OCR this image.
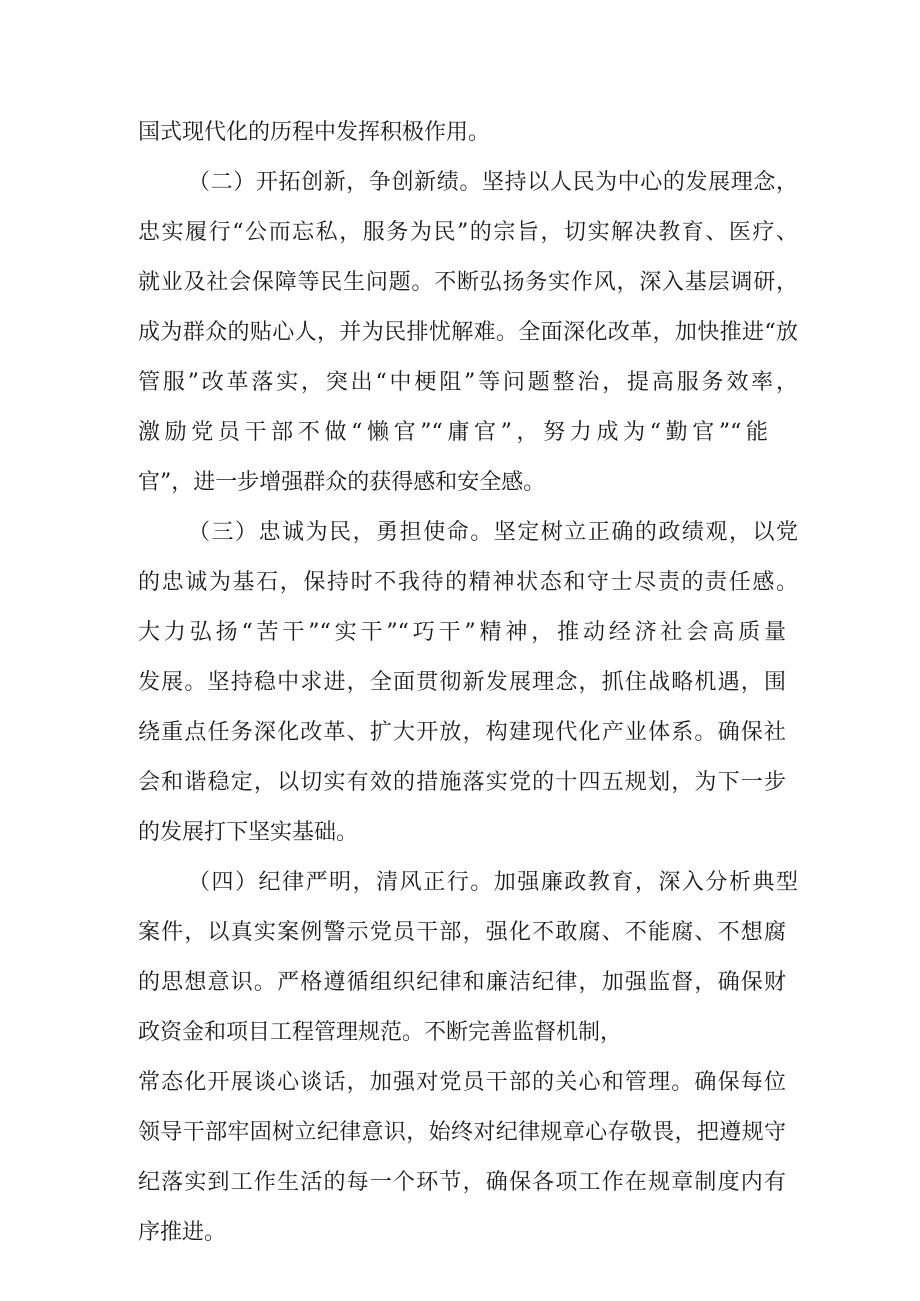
国式现代化的历程中发挥积极作用。
（二）开拓创新，争创新绩。坚持以人民为中心的发展理念，
忠实履行“公而忘私，服务为民”的宗旨，切实解决教育、医疗、
就业及社会保障等民生问题。不断弘扬务实作风，深入基层调研，
成为群众的贴心人，并为民排忧解难。全面深化改革，加快推进“放
管服”改革落实，突出“中梗阻”等问题整治，提高服务效率，
激励党员干部不做“懒官”“庸官”，努力成为“勤官”“能
官”，进一步增强群众的获得感和安全感。
（三）忠诚为民，勇担使命。坚定树立正确的政绩观，以党
的忠诚为基石，保持时不我待的精神状态和守士尽责的责任感。
大力弘扬“苦干”“实干”“巧干”精神，推动经济社会高质量
发展。坚持稳中求进，全面贯彻新发展理念，抓住战略机遇，围
绕重点任务深化改革、扩大开放，构建现代化产业体系。确保社
会和谐稳定，以切实有效的措施落实党的十四五规划，为下一步
的发展打下坚实基础。
（四）纪律严明，清风正行。加强廉政教育，深入分析典型
案件，以真实案例警示党员干部，强化不敢腐、不能腐、不想腐
的思想意识。严格遵循组织纪律和廉洁纪律，加强监督，确保财
政资金和项目工程管理规范。不断完善监督机制，
常态化开展谈心谈话，加强对党员干部的关心和管理。确保每位
领导干部牢固树立纪律意识，始终对纪律规章心存敬畏，把遵规守
纪落实到工作生活的每一个环节，确保各项工作在规章制度内有
序推进。
